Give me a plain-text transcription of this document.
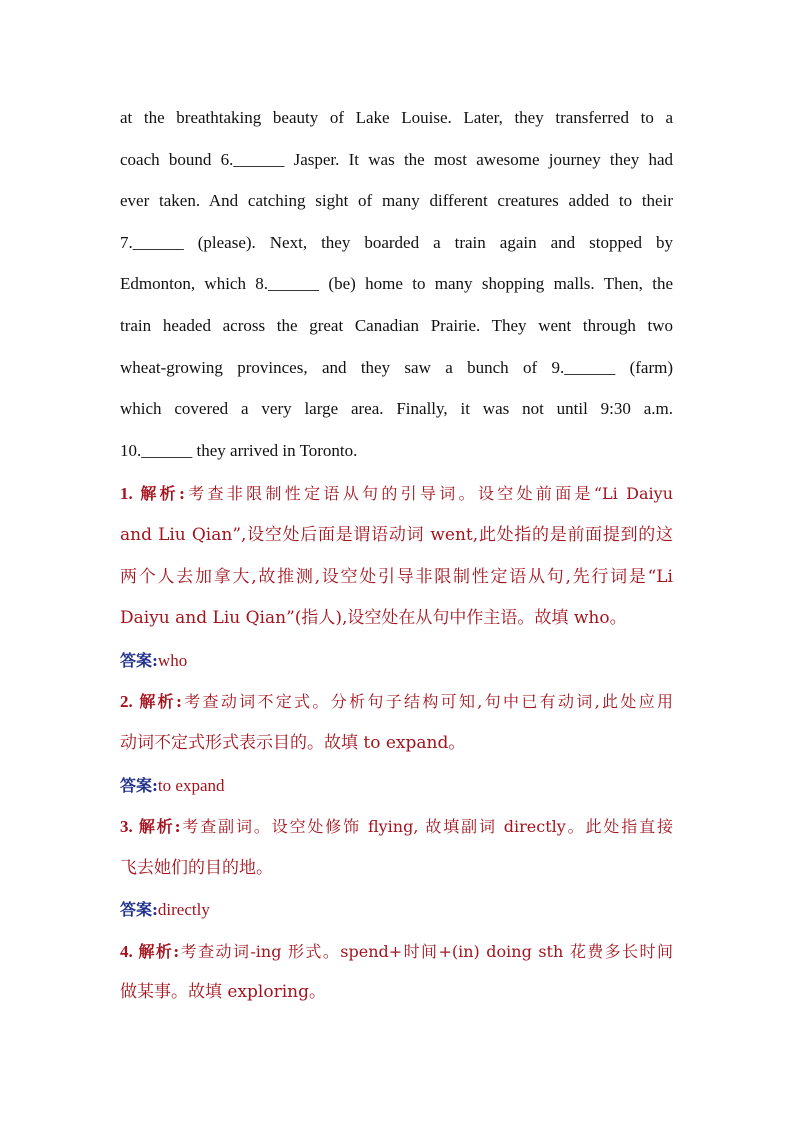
at the breathtaking beauty of Lake Louise. Later, they transferred to a

coach bound 6.______ Jasper. It was the most awesome journey they had

ever taken. And catching sight of many different creatures added to their

7.______ (please). Next, they boarded a train again and stopped by

Edmonton, which 8.______ (be) home to many shopping malls. Then, the

train headed across the great Canadian Prairie. They went through two

wheat-growing provinces, and they saw a bunch of 9.______ (farm)

which covered a very large area. Finally, it was not until 9:30 a.m.

10.______ they arrived in Toronto.

1. 解析:考查非限制性定语从句的引导词。设空处前面是“Li Daiyu

and Liu Qian”,设空处后面是谓语动词 went,此处指的是前面提到的这

两个人去加拿大,故推测,设空处引导非限制性定语从句,先行词是“Li

Daiyu and Liu Qian”(指人),设空处在从句中作主语。故填 who。

答案:who

2. 解析:考查动词不定式。分析句子结构可知,句中已有动词,此处应用

动词不定式形式表示目的。故填 to expand。

答案:to expand

3. 解析:考查副词。设空处修饰 flying, 故填副词 directly。此处指直接

飞去她们的目的地。

答案:directly

4. 解析:考查动词-ing 形式。spend+时间+(in) doing sth 花费多长时间

做某事。故填 exploring。
